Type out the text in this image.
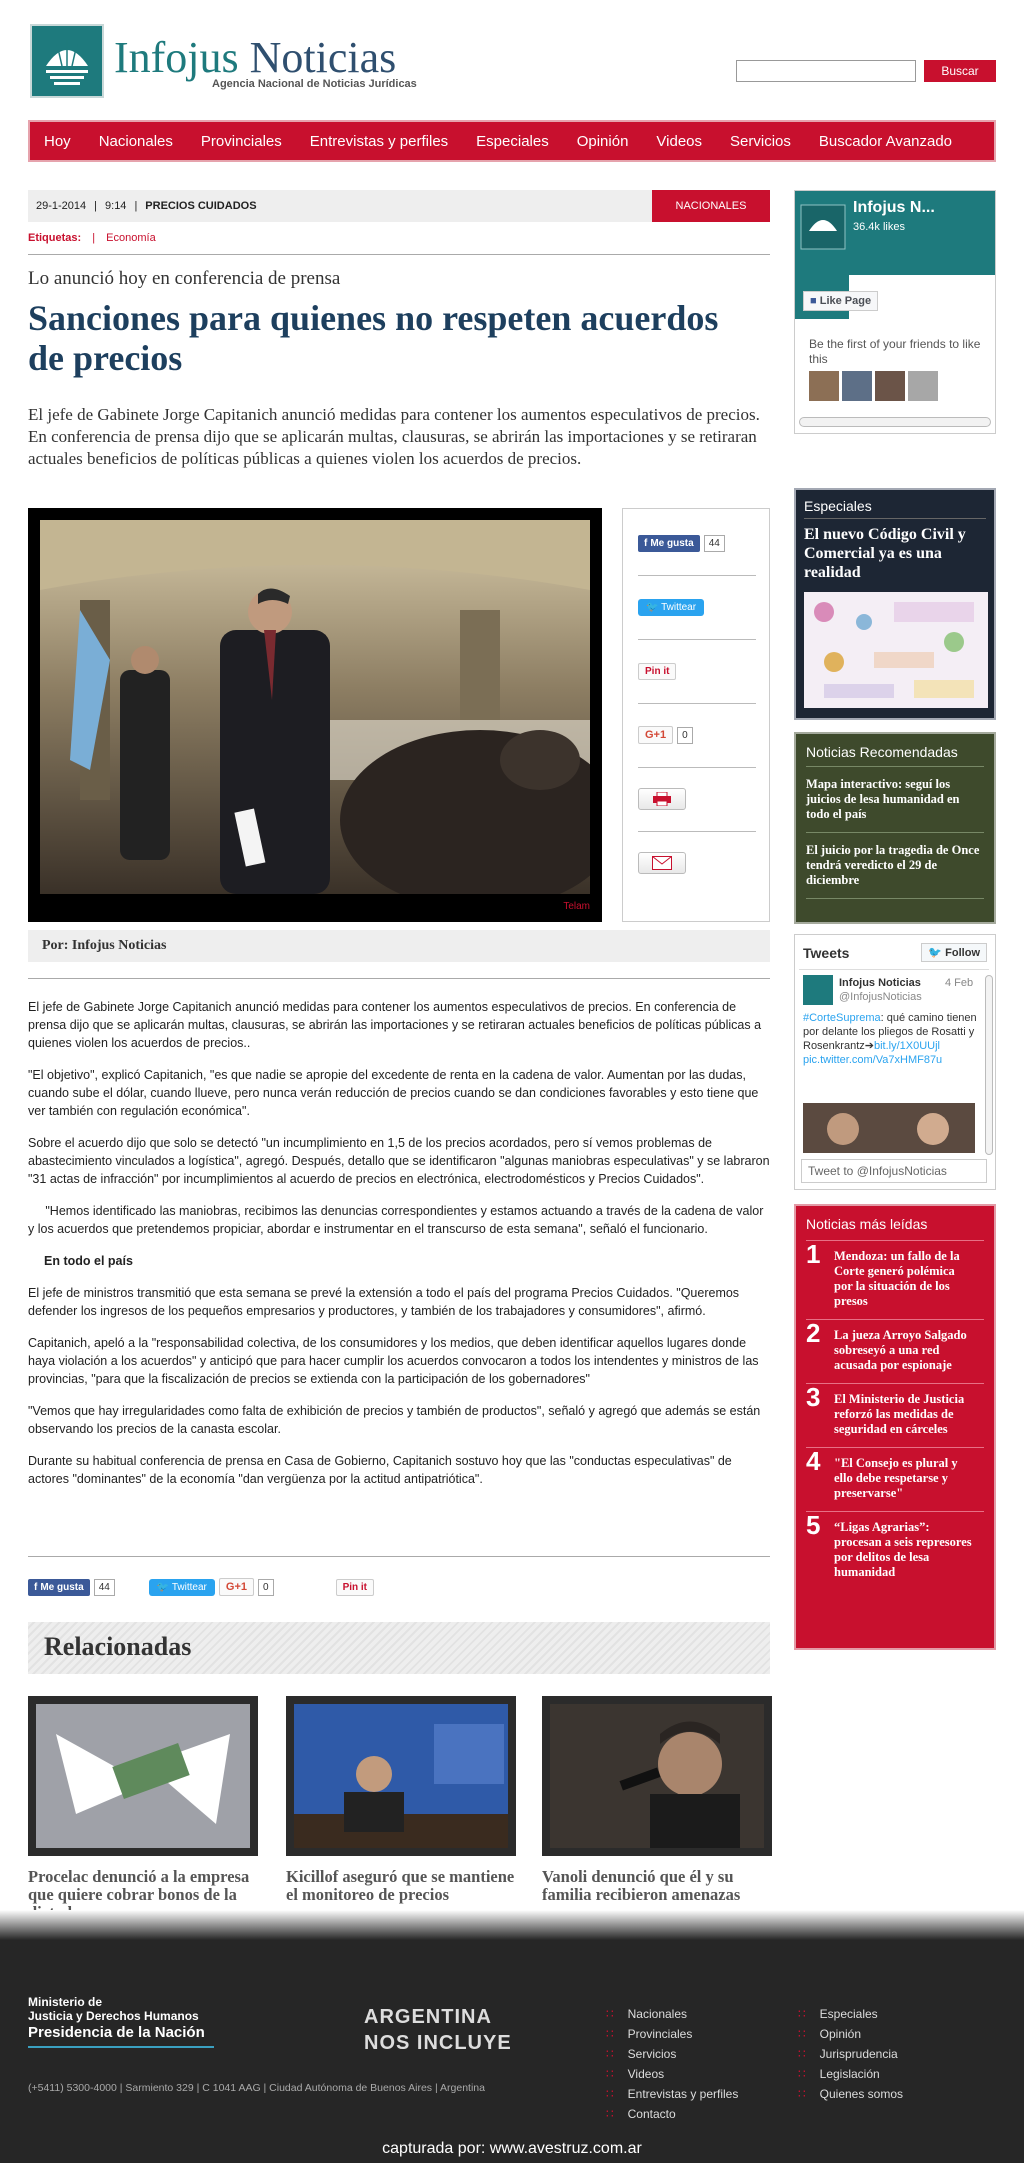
Infojus Noticias
Agencia Nacional de Noticias Jurídicas
Buscar
Hoy	Nacionales	Provinciales	Entrevistas y perfiles	Especiales	Opinión	Videos	Servicios	Buscador Avanzado
29-1-2014 | 9:14 | PRECIOS CUIDADOS	NACIONALES
Etiquetas: | Economía
Lo anunció hoy en conferencia de prensa
Sanciones para quienes no respeten acuerdos de precios
El jefe de Gabinete Jorge Capitanich anunció medidas para contener los aumentos especulativos de precios. En conferencia de prensa dijo que se aplicarán multas, clausuras, se abrirán las importaciones y se retiraran actuales beneficios de políticas públicas a quienes violen los acuerdos de precios.
Telam
f Me gusta	44
🐦 Twittear
Pin it
G+1	0
Por: Infojus Noticias

El jefe de Gabinete Jorge Capitanich anunció medidas para contener los aumentos especulativos de precios. En conferencia de prensa dijo que se aplicarán multas, clausuras, se abrirán las importaciones y se retiraran actuales beneficios de políticas públicas a quienes violen los acuerdos de precios..

"El objetivo", explicó Capitanich, "es que nadie se apropie del excedente de renta en la cadena de valor. Aumentan por las dudas, cuando sube el dólar, cuando llueve, pero nunca verán reducción de precios cuando se dan condiciones favorables y esto tiene que ver también con regulación económica".

Sobre el acuerdo dijo que solo se detectó "un incumplimiento en 1,5 de los precios acordados, pero sí vemos problemas de abastecimiento vinculados a logística", agregó. Después, detallo que se identificaron "algunas maniobras especulativas" y se labraron "31 actas de infracción" por incumplimientos al acuerdo de precios en electrónica, electrodomésticos y Precios Cuidados".

"Hemos identificado las maniobras, recibimos las denuncias correspondientes y estamos actuando a través de la cadena de valor y los acuerdos que pretendemos propiciar, abordar e instrumentar en el transcurso de esta semana", señaló el funcionario.

En todo el país

El jefe de ministros transmitió que esta semana se prevé la extensión a todo el país del programa Precios Cuidados. "Queremos defender los ingresos de los pequeños empresarios y productores, y también de los trabajadores y consumidores", afirmó.

Capitanich, apeló a la "responsabilidad colectiva, de los consumidores y los medios, que deben identificar aquellos lugares donde haya violación a los acuerdos" y anticipó que para hacer cumplir los acuerdos convocaron a todos los intendentes y ministros de las provincias, "para que la fiscalización de precios se extienda con la participación de los gobernadores"

"Vemos que hay irregularidades como falta de exhibición de precios y también de productos", señaló y agregó que además se están observando los precios de la canasta escolar.

Durante su habitual conferencia de prensa en Casa de Gobierno, Capitanich sostuvo hoy que las "conductas especulativas" de actores "dominantes" de la economía "dan vergüenza por la actitud antipatriótica".

f Me gusta	44	🐦 Twittear	G+1	0	Pin it
Relacionadas
Procelac denunció a la empresa que quiere cobrar bonos de la
Kicillof aseguró que se mantiene el monitoreo de precios
Vanoli denunció que él y su familia recibieron amenazas
Infojus N...
36.4k likes
■ Like Page
Be the first of your friends to like this
Especiales
El nuevo Código Civil y Comercial ya es una realidad
Noticias Recomendadas
Mapa interactivo: seguí los juicios de lesa humanidad en todo el país
El juicio por la tragedia de Once tendrá veredicto el 29 de diciembre
Tweets	🐦 Follow
Infojus Noticias 4 Feb
@InfojusNoticias
#CorteSuprema: qué camino tienen por delante los pliegos de Rosatti y Rosenkrantz➔bit.ly/1X0UUjl
pic.twitter.com/Va7xHMF87u
Tweet to @InfojusNoticias
Noticias más leídas
1 Mendoza: un fallo de la Corte generó polémica por la situación de los presos
2 La jueza Arroyo Salgado sobreseyó a una red acusada por espionaje
3 El Ministerio de Justicia reforzó las medidas de seguridad en cárceles
4 "El Consejo es plural y ello debe respetarse y preservarse"
5 “Ligas Agrarias”: procesan a seis represores por delitos de lesa humanidad
Ministerio de
Justicia y Derechos Humanos
Presidencia de la Nación
ARGENTINA
NOS INCLUYE
(+5411) 5300-4000 | Sarmiento 329 | C 1041 AAG | Ciudad Autónoma de Buenos Aires | Argentina
∷ Nacionales
∷ Provinciales
∷ Servicios
∷ Videos
∷ Entrevistas y perfiles
∷ Contacto
∷ Especiales
∷ Opinión
∷ Jurisprudencia
∷ Legislación
∷ Quienes somos
capturada por: www.avestruz.com.ar
